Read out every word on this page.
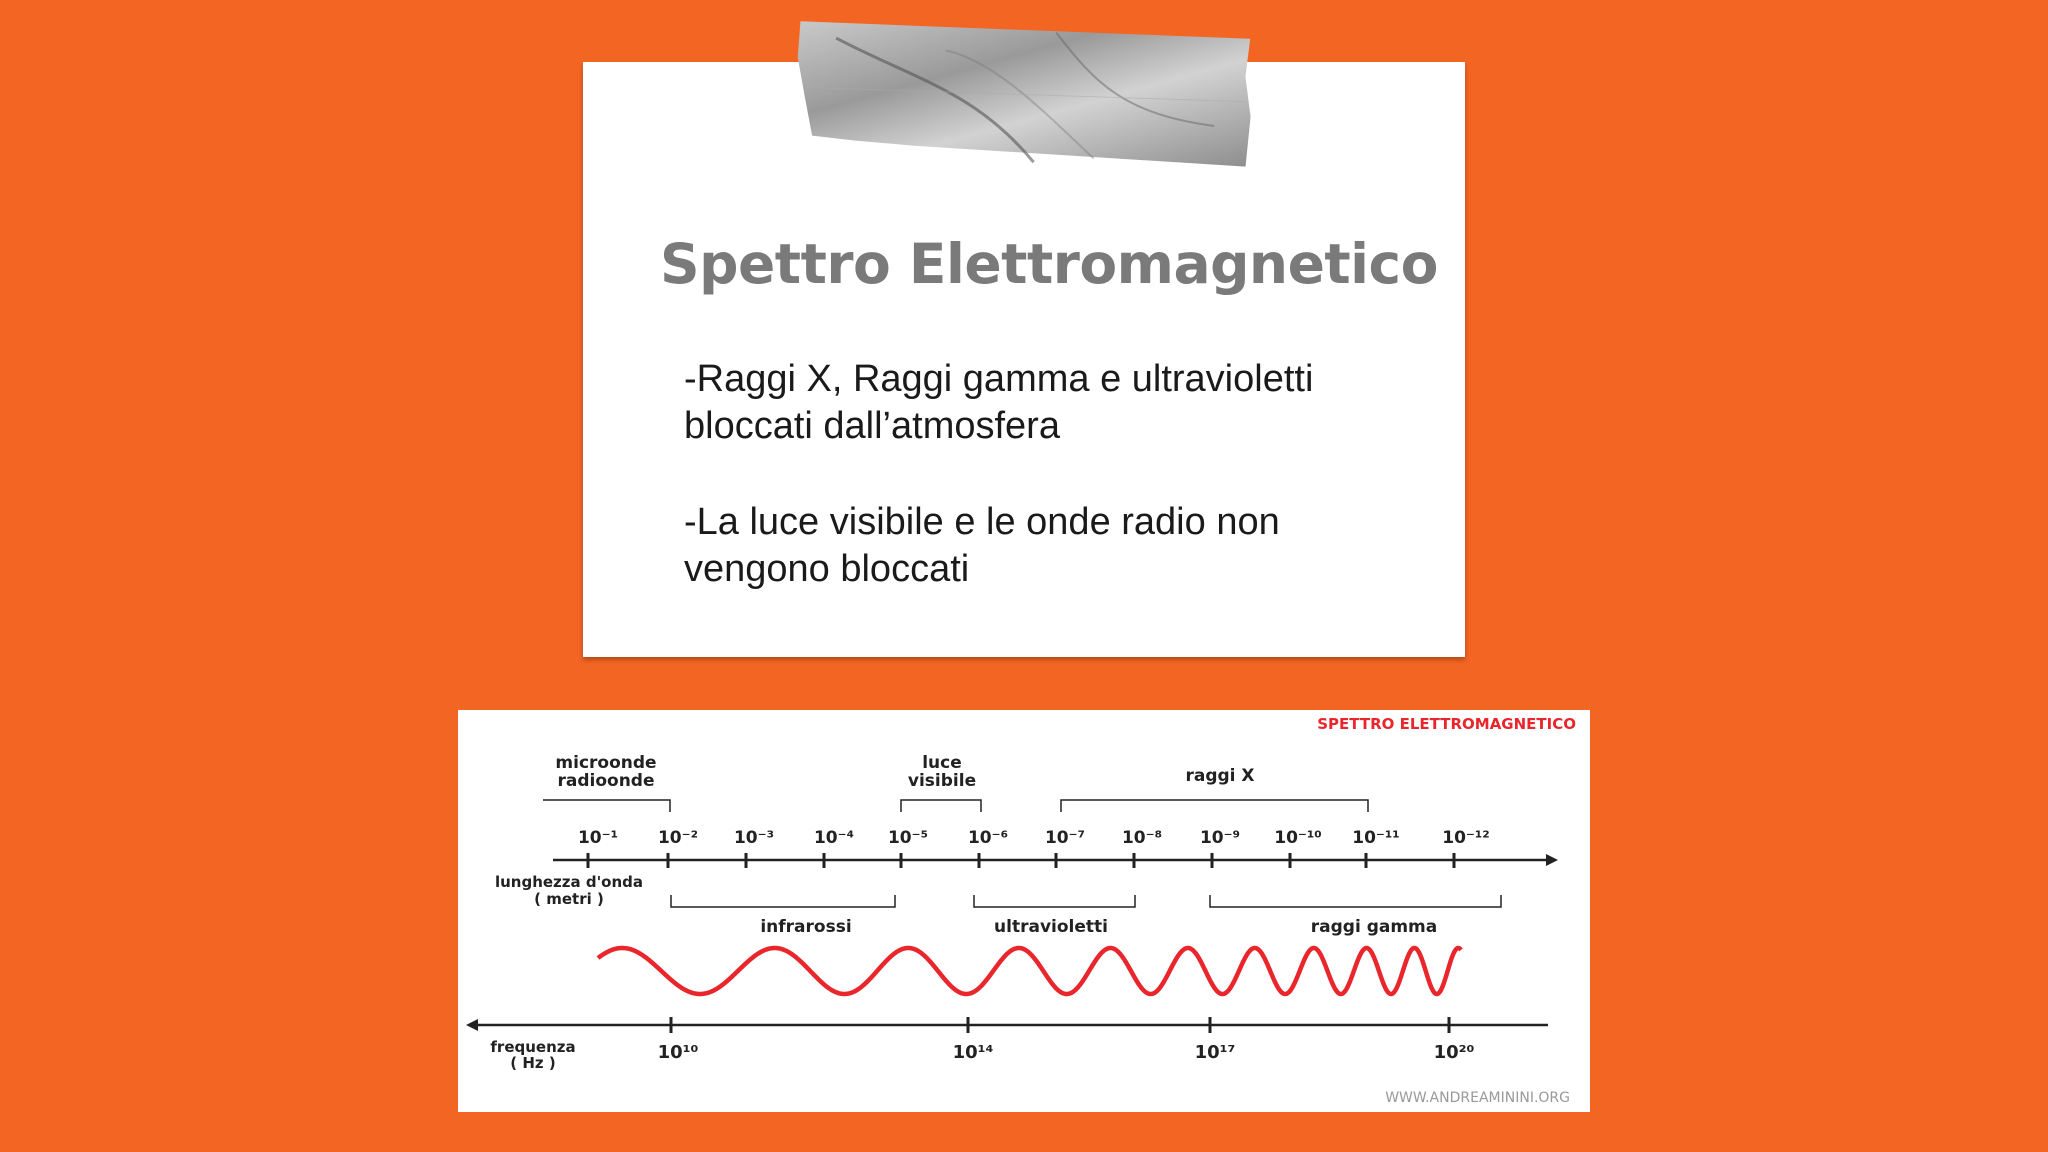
Spettro Elettromagnetico
-Raggi X, Raggi gamma e ultravioletti
bloccati dall’atmosfera
-La luce visibile e le onde radio non
vengono bloccati
SPETTRO ELETTROMAGNETICO
microonde
radioonde
luce
visibile	raggi X
10⁻¹ 10⁻² 10⁻³ 10⁻⁴ 10⁻⁵ 10⁻⁶ 10⁻⁷ 10⁻⁸ 10⁻⁹ 10⁻¹⁰ 10⁻¹¹ 10⁻¹²
lunghezza d'onda
( metri )
infrarossi	ultravioletti	raggi gamma
10¹⁰	10¹⁴	10¹⁷	10²⁰
frequenza
( Hz )
WWW.ANDREAMININI.ORG
